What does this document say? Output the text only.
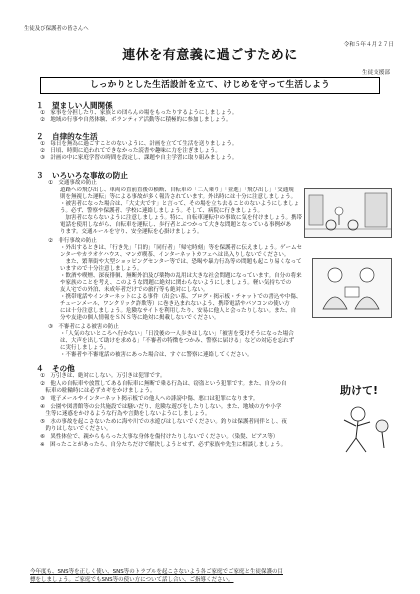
生徒及び保護者の皆さんへ
令和５年４月２７日
連休を有意義に過ごすために
生徒支援部
しっかりとした生活設計を立て、けじめを守って生活しよう
１ 望ましい人間関係
①　家事を分担したり、家族との団らんの場をもったりするようにしましょう。
②　地域の行事や自然体験、ボランティア活動等に積極的に参加しましょう。
２ 自律的な生活
①　毎日を無為に過ごすことのないように、計画を立てて生活を送りましょう。
②　日頃、時間に追われてできなかった読書や趣味に力を注ぎましょう。
③　計画の中に家庭学習の時間を設定し、課題や自主学習に取り組みましょう。
３ いろいろな事故の防止
①　交通事故の防止
道路への飛び出し、車両の直前直後の横断、自転車の「二人乗り」「並進」「飛び出し」「交通規
則を無視した運転」等による事故が多く報告されています。外出時には十分に注意しましょう。
・被害者になった場合は、「大丈夫です」と言って、その場を立ち去ることのないようにしましょ
う。必ず、警察や保護者、学校に連絡しましょう。そして、病院に行きましょう。
　加害者にならないように注意しましょう。特に、自転車運転中の事故に気を付けましょう。携帯
電話を使用しながら、自転車を運転し、歩行者とぶつかって大きな問題となっている事例があ
ります。交通ルールを守り、安全運転を心掛けましょう。
②　非行事故の防止
・外出するときは、「行き先」「目的」「同行者」「帰宅時刻」等を保護者に伝えましょう。ゲームセ
ンターやカラオケハウス、マンガ喫茶、インターネットカフェへは出入りしないでください。
　また、繁華街や大型ショッピングセンター等では、恐喝や暴力行為等の問題も起こり易くなって
いますので十分注意しましょう。
・飲酒や喫煙、深夜徘徊、無断外泊及び薬物の乱用は大きな社会問題になっています。自分の将来
や家族のことを考え、このような問題に絶対に関わらないようにしましょう。軽い気持ちでの
友人宅での外泊、未成年者だけでの旅行等も絶対にしない。
・携帯電話やインターネットによる事件（出会い系、ブログ・掲示板・チャットでの書込や中傷、
チェーンメール、ワンクリック詐欺等）に巻き込まれないよう、携帯電話やパソコンの使い方
には十分注意しましょう。危険なサイトを利用したり、安易に他人と会ったりしない。また、自
分や友達の個人情報をＳＮＳ等に絶対に掲載しないでください。
③　不審者による被害の防止
・「人気のないところへ行かない」「日没後の一人歩きはしない」「被害を受けそうになった場合
は、大声を出して助けを求める」「不審者の特徴をつかみ、警察に届ける」などの対応を忘れず
に実行しましょう。
・不審者や不審電話の被害にあった場合は、すぐに警察に連絡してください。
４ その他
①　万引きは、絶対にしない。万引きは犯罪です。
②　他人の自転車や放置してある自転車に無断で乗る行為は、窃盗という犯罪です。また、自分の自
　転車の駐輪時には必ずカギをかけましょう。
③　電子メールやインターネット掲示板での他人への誹謗中傷、悪口は犯罪になります。
④　公園や図書館等の公共施設では騒いだり、危険な遊びをしたりしない。また、地域の方や小学
　生等に迷惑をかけるような行為や言動をしないようにしましょう。
⑤　水の事故を起こさないために海や川での水遊びはしないでください。釣りは保護者同伴とし、夜
　釣りはしないでください。
⑥　異性体位で、親からもらった大事な身体を傷付けたりしないでください。（染髪、ピアス等）
※　困ったことがあったら、自分たちだけで解決しようとせず、必ず家族や先生に相談しましょう。
今年度も、SNS等を正しく使い、SNS等のトラブルを起こさないよう各ご家庭でご家庭と生徒保護の目
標をしましょう。ご家庭でもSNS等の使い方について話し合い、ご指導ください。
助けて!
